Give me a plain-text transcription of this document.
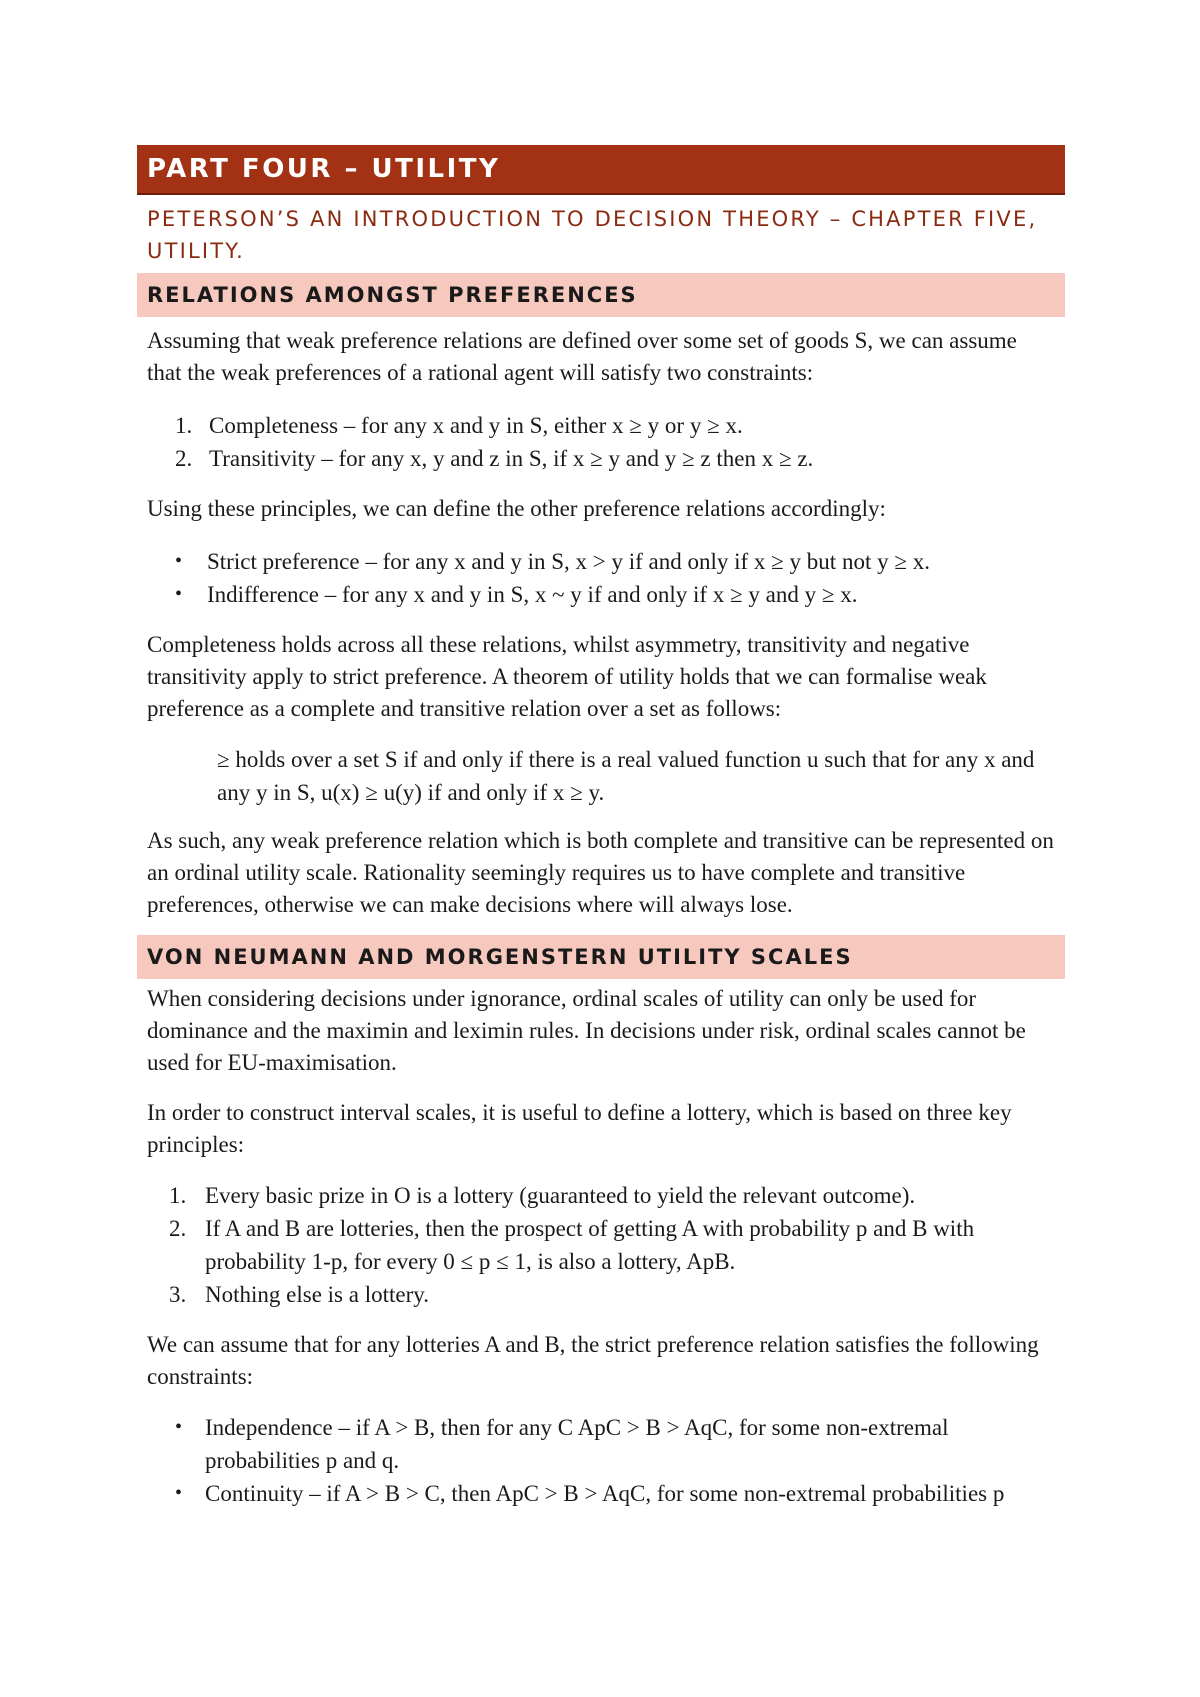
PART FOUR – UTILITY
PETERSON’S AN INTRODUCTION TO DECISION THEORY – CHAPTER FIVE, UTILITY.
RELATIONS AMONGST PREFERENCES

Assuming that weak preference relations are defined over some set of goods S, we can assume that the weak preferences of a rational agent will satisfy two constraints:

1. Completeness – for any x and y in S, either x ≥ y or y ≥ x.
2. Transitivity – for any x, y and z in S, if x ≥ y and y ≥ z then x ≥ z.

Using these principles, we can define the other preference relations accordingly:

•	Strict preference – for any x and y in S, x > y if and only if x ≥ y but not y ≥ x.
•	Indifference – for any x and y in S, x ~ y if and only if x ≥ y and y ≥ x.

Completeness holds across all these relations, whilst asymmetry, transitivity and negative transitivity apply to strict preference. A theorem of utility holds that we can formalise weak preference as a complete and transitive relation over a set as follows:

≥ holds over a set S if and only if there is a real valued function u such that for any x and any y in S, u(x) ≥ u(y) if and only if x ≥ y.

As such, any weak preference relation which is both complete and transitive can be represented on an ordinal utility scale. Rationality seemingly requires us to have complete and transitive preferences, otherwise we can make decisions where will always lose.

VON NEUMANN AND MORGENSTERN UTILITY SCALES

When considering decisions under ignorance, ordinal scales of utility can only be used for dominance and the maximin and leximin rules. In decisions under risk, ordinal scales cannot be used for EU-maximisation.

In order to construct interval scales, it is useful to define a lottery, which is based on three key principles:

1. Every basic prize in O is a lottery (guaranteed to yield the relevant outcome).
2. If A and B are lotteries, then the prospect of getting A with probability p and B with probability 1-p, for every 0 ≤ p ≤ 1, is also a lottery, ApB.
3. Nothing else is a lottery.

We can assume that for any lotteries A and B, the strict preference relation satisfies the following constraints:

• Independence – if A > B, then for any C ApC > B > AqC, for some non-extremal probabilities p and q.
• Continuity – if A > B > C, then ApC > B > AqC, for some non-extremal probabilities p
